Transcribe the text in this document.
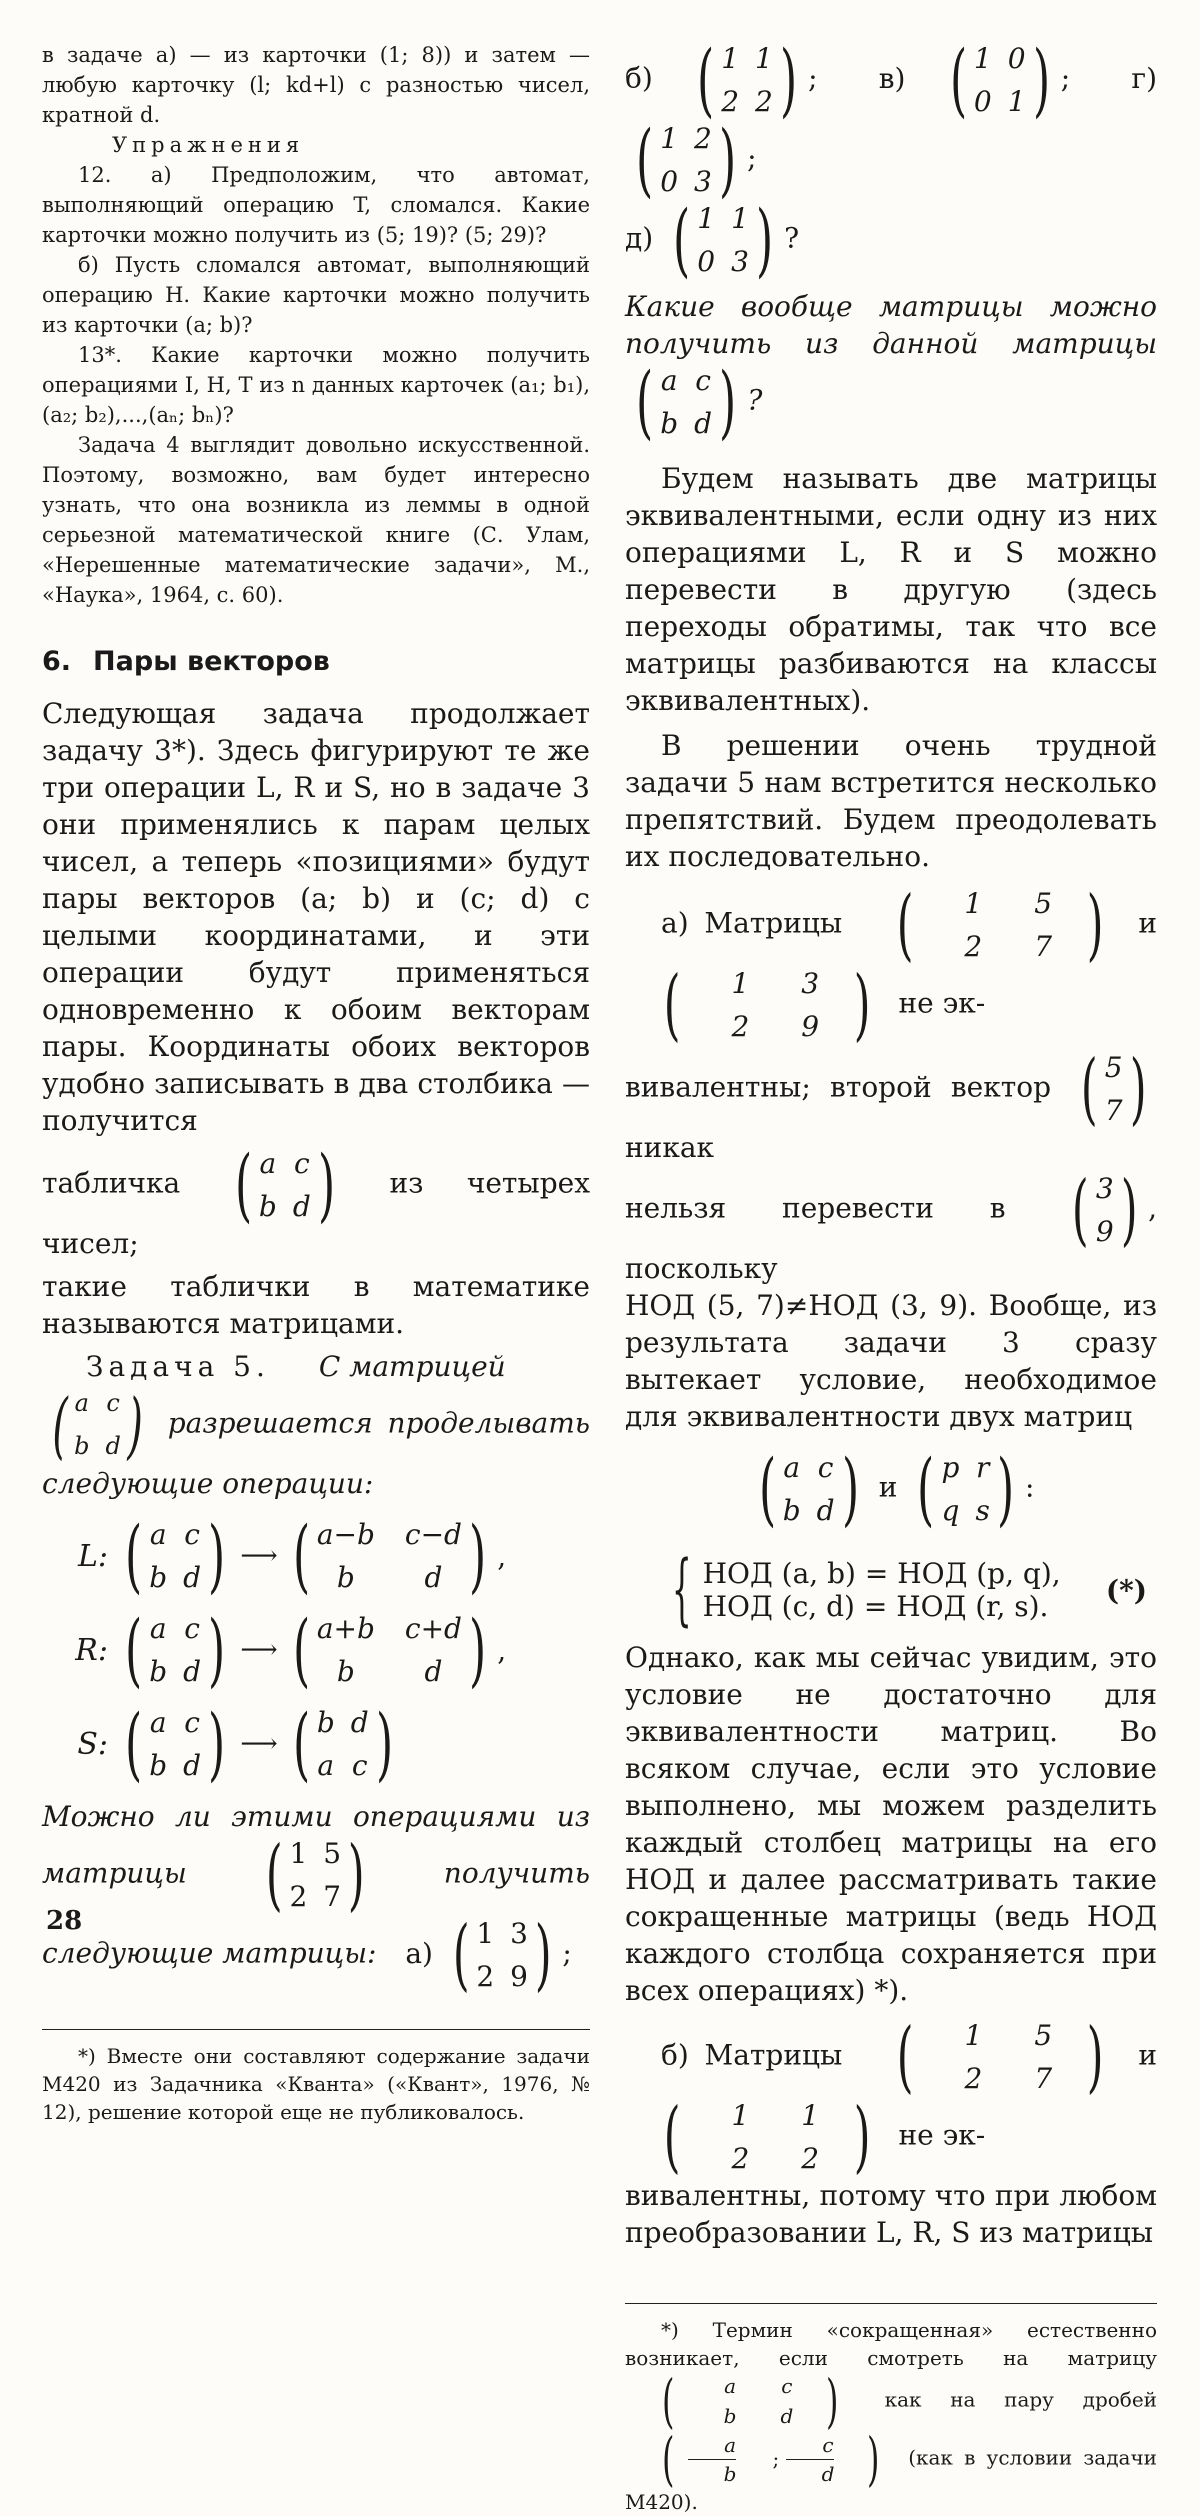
в задаче а) — из карточки (1; 8)) и затем — любую карточку (l; kd+l) с разностью чисел, кратной d.

Упражнения

12. а) Предположим, что автомат, выполняющий операцию T, сломался. Какие карточки можно получить из (5; 19)? (5; 29)?

б) Пусть сломался автомат, выполняющий операцию H. Какие карточки можно получить из карточки (a; b)?

13*. Какие карточки можно получить операциями I, H, T из n данных карточек (a₁; b₁), (a₂; b₂),...,(aₙ; bₙ)?

Задача 4 выглядит довольно искусственной. Поэтому, возможно, вам будет интересно узнать, что она возникла из леммы в одной серьезной математической книге (С. Улам, «Нерешенные математические задачи», М., «Наука», 1964, с. 60).

6. Пары векторов

Следующая задача продолжает задачу 3*). Здесь фигурируют те же три операции L, R и S, но в задаче 3 они применялись к парам целых чисел, а теперь «позициями» будут пары векторов (a; b) и (c; d) с целыми координатами, и эти операции будут применяться одновременно к обоим векторам пары. Координаты обоих векторов удобно записывать в два столбика — получится

табличка ( a c
b d ) из четырех чисел;

такие таблички в математике называются матрицами.

Задача 5. С матрицей

( a c
b d ) разрешается проделывать следующие операции:

L: ( a c
b d ) ⟶ ( a−b c−d
b	d ) ,
R: ( a c
b d ) ⟶ ( a+b c+d
b	d ) ,
S: ( a c
b d ) ⟶ ( b d
a c )

Можно ли этими операциями из матрицы ( 1 5
2 7 )	получить следующие матрицы: а) ( 1 3
2 9 ) ;

*) Вместе они составляют содержание задачи М420 из Задачника «Кванта» («Квант», 1976, № 12), решение которой еще не публиковалось.

б) ( 1 1
2 2 ) ; в) ( 1 0
0 1 ) ; г)
( 1 2
0 3 ) ;

д) ( 1 1
0 3 ) ?

Какие вообще матрицы можно получить из данной матрицы
( a c
b d ) ?

Будем называть две матрицы эквивалентными, если одну из них операциями L, R и S можно перевести в другую (здесь переходы обратимы, так что все матрицы разбиваются на классы эквивалентных).

В решении очень трудной задачи 5 нам встретится несколько препятствий. Будем преодолевать их последовательно.

а) Матрицы (	1	5
2	7 ) и
(	1	3
2	9 ) не эк-

вивалентны; второй вектор ( 5
7 )
никак

нельзя перевести в ( 3
9 ) , поскольку

НОД (5, 7)≠НОД (3, 9). Вообще, из результата задачи 3 сразу вытекает условие, необходимое для эквивалентности двух матриц

( a c
b d ) и ( p r
q s ) :

{ НОД (a, b) = НОД (p, q),
НОД (c, d) = НОД (r, s).	(*)

Однако, как мы сейчас увидим, это условие не достаточно для эквивалентности матриц. Во всяком случае, если это условие выполнено, мы можем разделить каждый столбец матрицы на его НОД и далее рассматривать такие сокращенные матрицы (ведь НОД каждого столбца сохраняется при всех операциях) *).

б) Матрицы (	1	5
2	7 ) и
(	1	1
2	2 ) не эк-

вивалентны, потому что при любом преобразовании L, R, S из матрицы

*) Термин «сокращенная» естественно возникает, если смотреть на матрицу
(	a	c
b	d ) как на пару дробей
( $\frac{a}{b}$ ; $\frac{c}{d}$ ) (как в условии задачи М420).

28
